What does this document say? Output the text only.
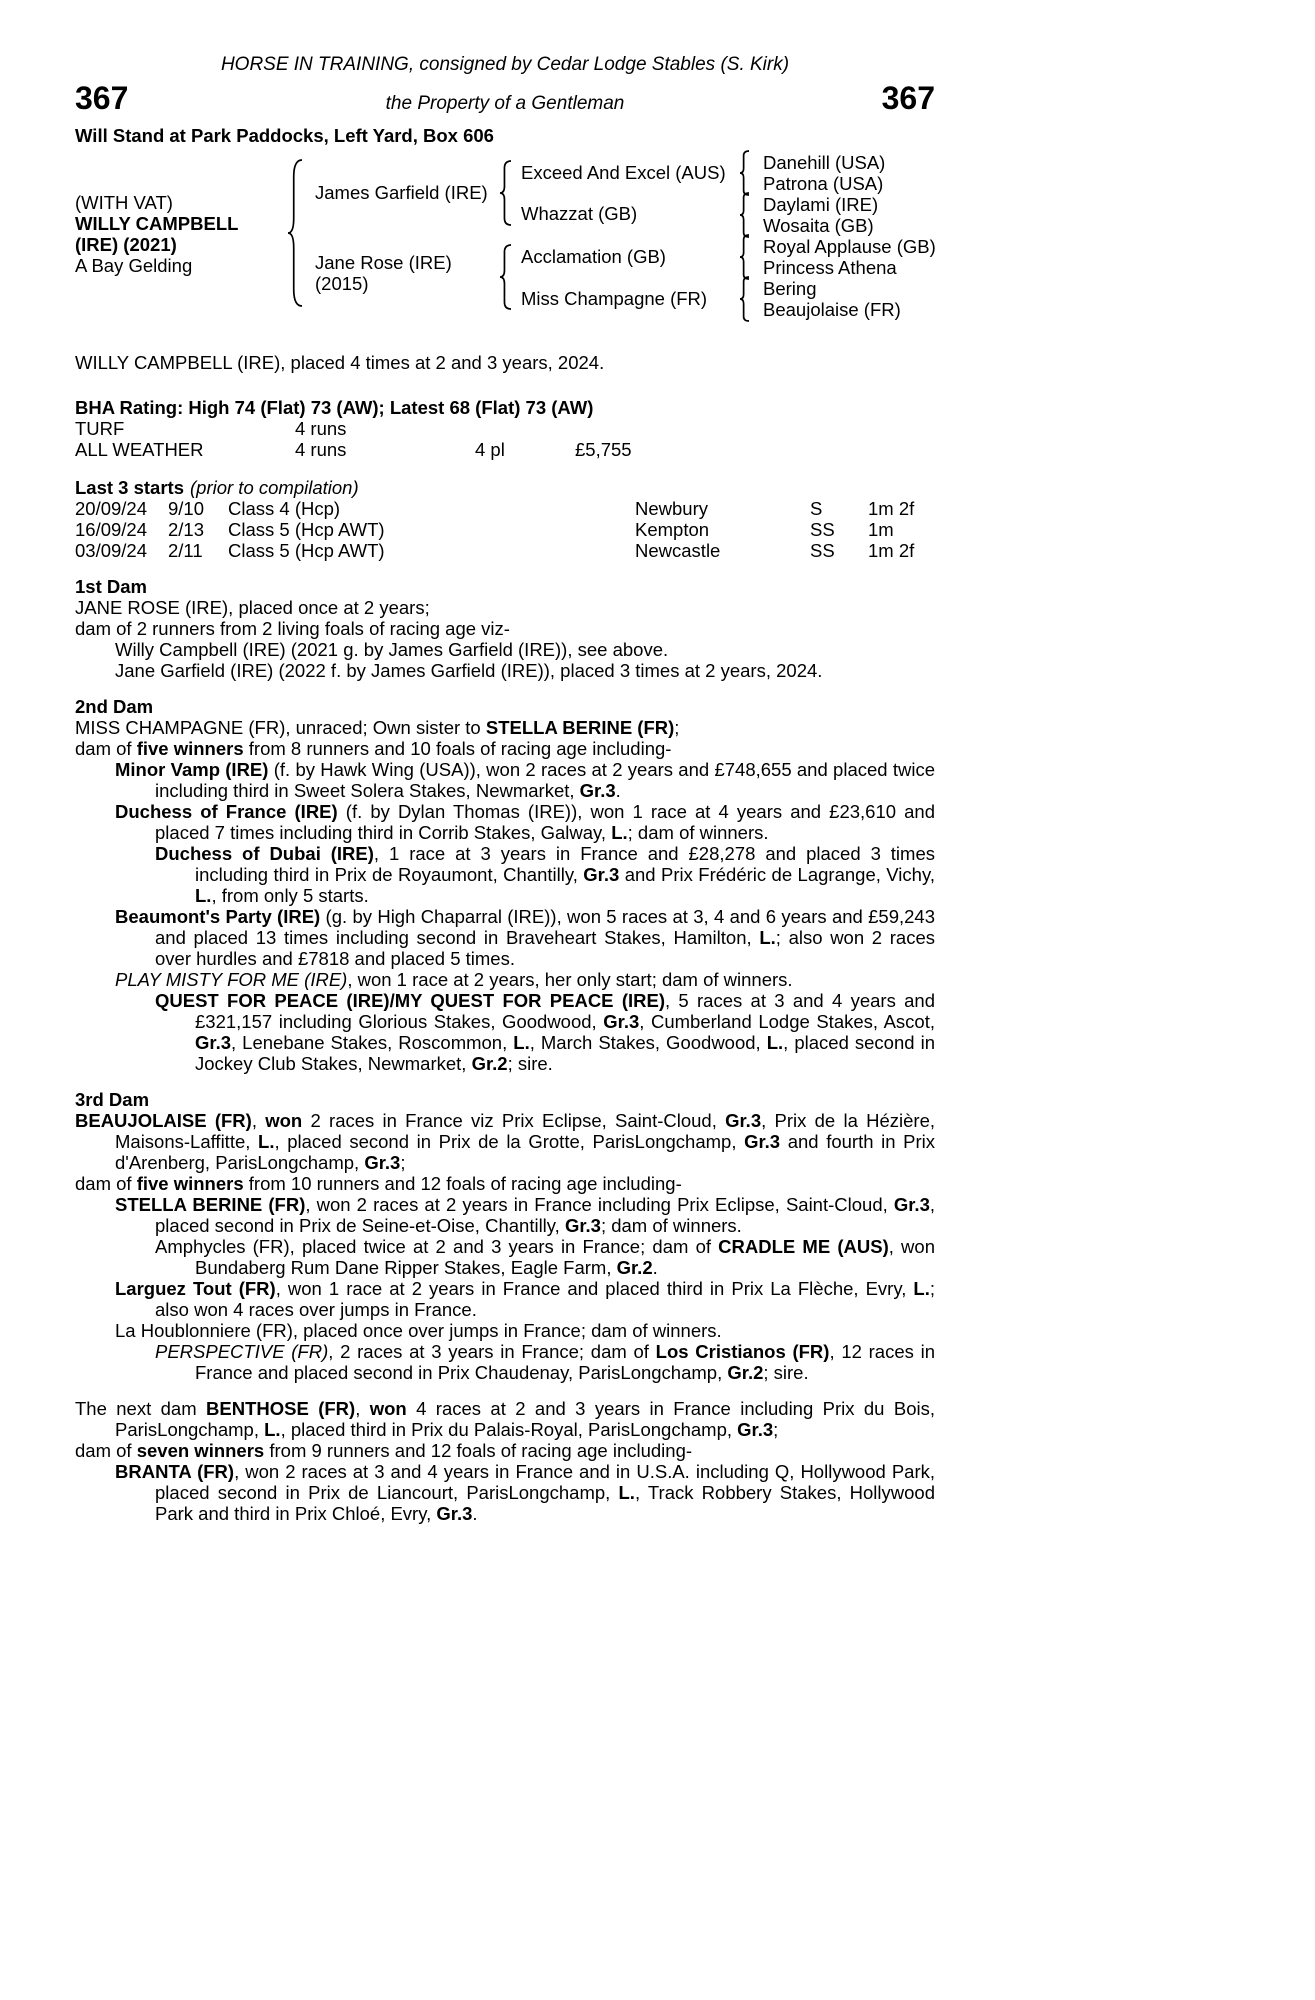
HORSE IN TRAINING, consigned by Cedar Lodge Stables (S. Kirk)
367	the Property of a Gentleman	367
Will Stand at Park Paddocks, Left Yard, Box 606
(WITH VAT)
WILLY CAMPBELL
(IRE) (2021)
A Bay Gelding
James Garfield (IRE)
Jane Rose (IRE)
(2015)
Exceed And Excel (AUS)
Whazzat (GB)
Acclamation (GB)
Miss Champagne (FR)
Danehill (USA)
Patrona (USA)
Daylami (IRE)
Wosaita (GB)
Royal Applause (GB)
Princess Athena
Bering
Beaujolaise (FR)
WILLY CAMPBELL (IRE), placed 4 times at 2 and 3 years, 2024.
BHA Rating: High 74 (Flat) 73 (AW); Latest 68 (Flat) 73 (AW)
TURF	4 runs
ALL WEATHER	4 runs	4 pl	£5,755
Last 3 starts (prior to compilation)
20/09/24	9/10	Class 4 (Hcp)	Newbury	S	1m 2f
16/09/24	2/13	Class 5 (Hcp AWT)	Kempton	SS	1m
03/09/24	2/11	Class 5 (Hcp AWT)	Newcastle	SS	1m 2f
1st Dam
JANE ROSE (IRE), placed once at 2 years;
dam of 2 runners from 2 living foals of racing age viz-
Willy Campbell (IRE) (2021 g. by James Garfield (IRE)), see above.
Jane Garfield (IRE) (2022 f. by James Garfield (IRE)), placed 3 times at 2 years, 2024.
2nd Dam
MISS CHAMPAGNE (FR), unraced; Own sister to STELLA BERINE (FR);
dam of five winners from 8 runners and 10 foals of racing age including-
Minor Vamp (IRE) (f. by Hawk Wing (USA)), won 2 races at 2 years and £748,655 and placed twice including third in Sweet Solera Stakes, Newmarket, Gr.3.
Duchess of France (IRE) (f. by Dylan Thomas (IRE)), won 1 race at 4 years and £23,610 and placed 7 times including third in Corrib Stakes, Galway, L.; dam of winners.
Duchess of Dubai (IRE), 1 race at 3 years in France and £28,278 and placed 3 times including third in Prix de Royaumont, Chantilly, Gr.3 and Prix Frédéric de Lagrange, Vichy, L., from only 5 starts.
Beaumont's Party (IRE) (g. by High Chaparral (IRE)), won 5 races at 3, 4 and 6 years and £59,243 and placed 13 times including second in Braveheart Stakes, Hamilton, L.; also won 2 races over hurdles and £7818 and placed 5 times.
PLAY MISTY FOR ME (IRE), won 1 race at 2 years, her only start; dam of winners.
QUEST FOR PEACE (IRE)/MY QUEST FOR PEACE (IRE), 5 races at 3 and 4 years and £321,157 including Glorious Stakes, Goodwood, Gr.3, Cumberland Lodge Stakes, Ascot, Gr.3, Lenebane Stakes, Roscommon, L., March Stakes, Goodwood, L., placed second in Jockey Club Stakes, Newmarket, Gr.2; sire.
3rd Dam
BEAUJOLAISE (FR), won 2 races in France viz Prix Eclipse, Saint-Cloud, Gr.3, Prix de la Hézière, Maisons-Laffitte, L., placed second in Prix de la Grotte, ParisLongchamp, Gr.3 and fourth in Prix d'Arenberg, ParisLongchamp, Gr.3;
dam of five winners from 10 runners and 12 foals of racing age including-
STELLA BERINE (FR), won 2 races at 2 years in France including Prix Eclipse, Saint-Cloud, Gr.3, placed second in Prix de Seine-et-Oise, Chantilly, Gr.3; dam of winners.
Amphycles (FR), placed twice at 2 and 3 years in France; dam of CRADLE ME (AUS), won Bundaberg Rum Dane Ripper Stakes, Eagle Farm, Gr.2.
Larguez Tout (FR), won 1 race at 2 years in France and placed third in Prix La Flèche, Evry, L.; also won 4 races over jumps in France.
La Houblonniere (FR), placed once over jumps in France; dam of winners.
PERSPECTIVE (FR), 2 races at 3 years in France; dam of Los Cristianos (FR), 12 races in France and placed second in Prix Chaudenay, ParisLongchamp, Gr.2; sire.
The next dam BENTHOSE (FR), won 4 races at 2 and 3 years in France including Prix du Bois, ParisLongchamp, L., placed third in Prix du Palais-Royal, ParisLongchamp, Gr.3;
dam of seven winners from 9 runners and 12 foals of racing age including-
BRANTA (FR), won 2 races at 3 and 4 years in France and in U.S.A. including Q, Hollywood Park, placed second in Prix de Liancourt, ParisLongchamp, L., Track Robbery Stakes, Hollywood Park and third in Prix Chloé, Evry, Gr.3.
